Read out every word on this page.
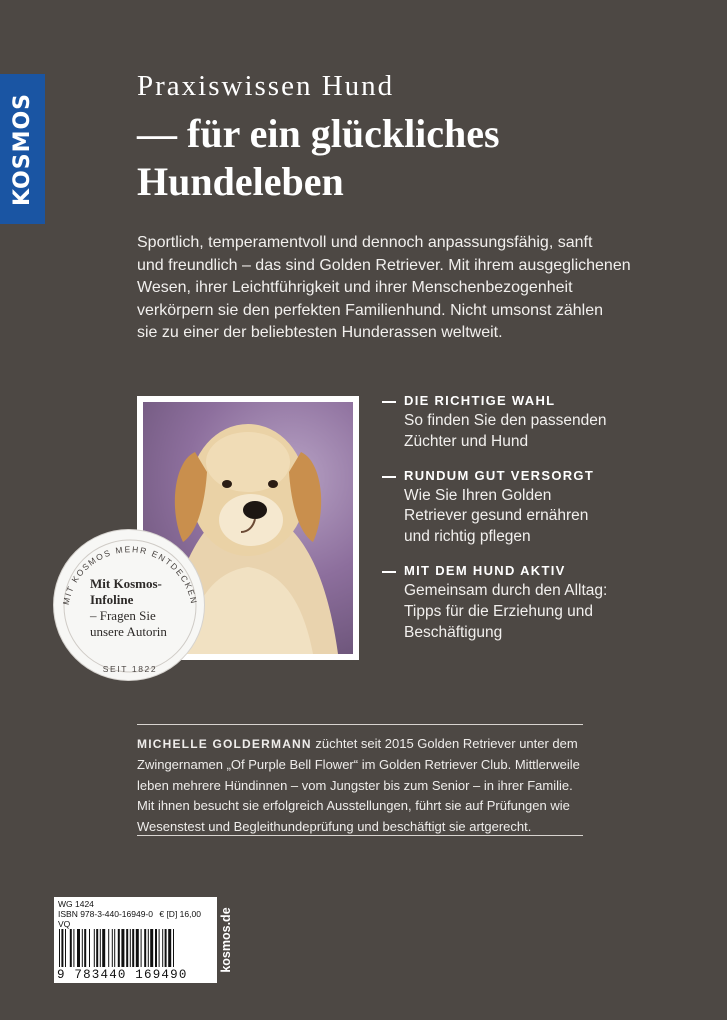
KOSMOS
Praxiswissen Hund
— für ein glückliches
Hundeleben
Sportlich, temperamentvoll und dennoch anpassungsfähig, sanft
und freundlich – das sind Golden Retriever. Mit ihrem ausgeglichenen
Wesen, ihrer Leichtführigkeit und ihrer Menschenbezogenheit
verkörpern sie den perfekten Familienhund. Nicht umsonst zählen
sie zu einer der beliebtesten Hunderassen weltweit.
MIT KOSMOS MEHR ENTDECKEN
SEIT 1822
Mit Kosmos-
Infoline
– Fragen Sie
unsere Autorin
DIE RICHTIGE WAHL
So finden Sie den passenden
Züchter und Hund
RUNDUM GUT VERSORGT
Wie Sie Ihren Golden
Retriever gesund ernähren
und richtig pflegen
MIT DEM HUND AKTIV
Gemeinsam durch den Alltag:
Tipps für die Erziehung und
Beschäftigung
MICHELLE GOLDERMANN züchtet seit 2015 Golden Retriever unter dem
Zwingernamen „Of Purple Bell Flower“ im Golden Retriever Club. Mittlerweile
leben mehrere Hündinnen – vom Jungster bis zum Senior – in ihrer Familie.
Mit ihnen besucht sie erfolgreich Ausstellungen, führt sie auf Prüfungen wie
Wesenstest und Begleithundeprüfung und beschäftigt sie artgerecht.
WG 1424
ISBN 978-3-440-16949-0 € [D] 16,00
VQ
9 783440 169490
kosmos.de
